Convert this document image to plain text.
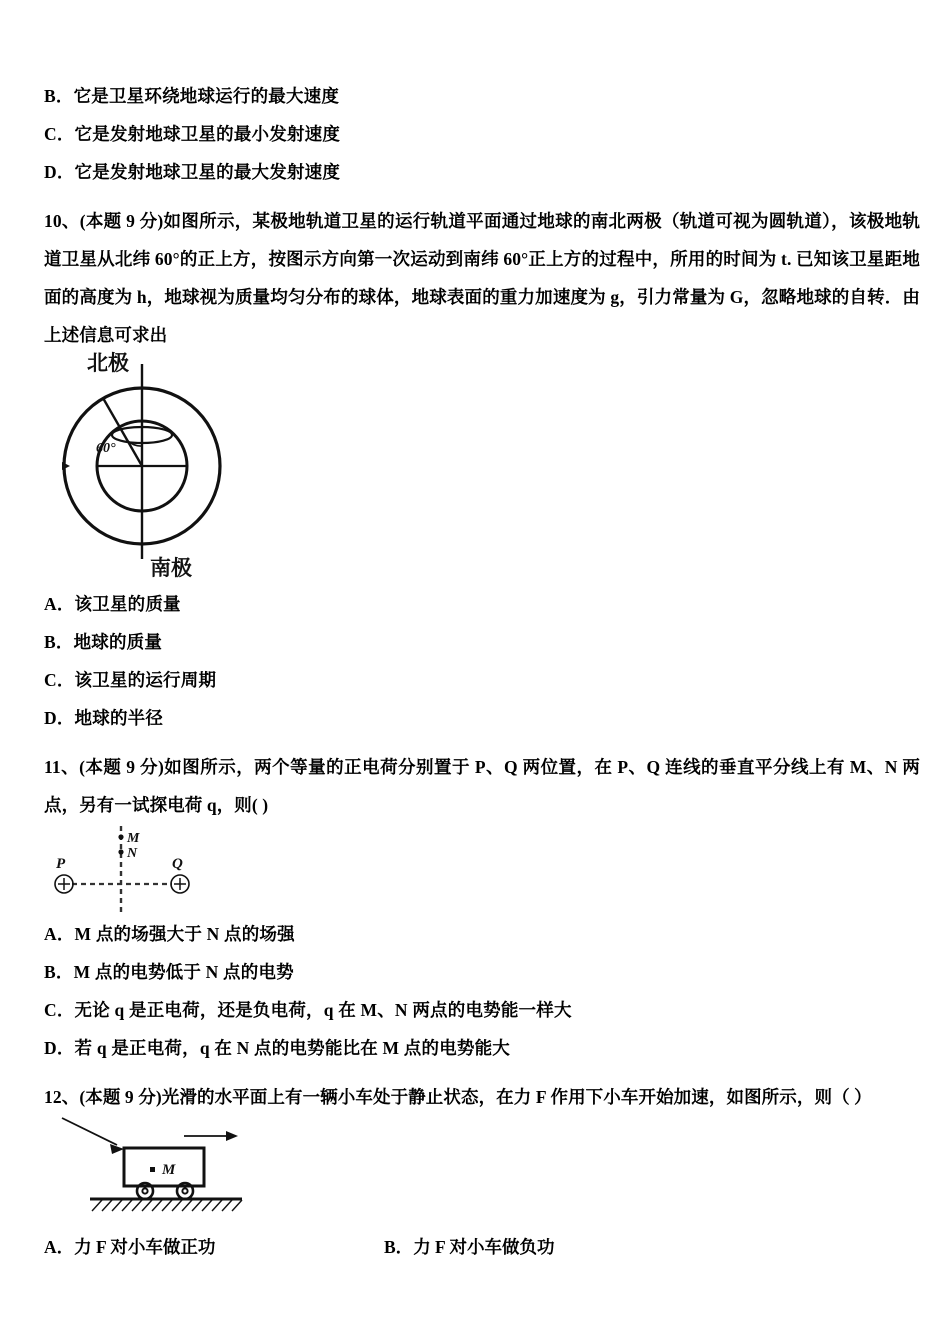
B． 它是卫星环绕地球运行的最大速度
C． 它是发射地球卫星的最小发射速度
D． 它是发射地球卫星的最大发射速度

10、(本题 9 分)如图所示，某极地轨道卫星的运行轨道平面通过地球的南北两极（轨道可视为圆轨道），该极地轨道卫星从北纬 60°的正上方，按图示方向第一次运动到南纬 60°正上方的过程中，所用的时间为 t. 已知该卫星距地面的高度为 h，地球视为质量均匀分布的球体，地球表面的重力加速度为 g，引力常量为 G，忽略地球的自转．由上述信息可求出

北极
南极
60°
A． 该卫星的质量
B． 地球的质量
C． 该卫星的运行周期
D． 地球的半径

11、(本题 9 分)如图所示，两个等量的正电荷分别置于 P、Q 两位置，在 P、Q 连线的垂直平分线上有 M、N 两点，另有一试探电荷 q，则( )

P	Q
M
N
A． M 点的场强大于 N 点的场强
B． M 点的电势低于 N 点的电势
C． 无论 q 是正电荷，还是负电荷，q 在 M、N 两点的电势能一样大
D． 若 q 是正电荷，q 在 N 点的电势能比在 M 点的电势能大

12、(本题 9 分)光滑的水平面上有一辆小车处于静止状态，在力 F 作用下小车开始加速，如图所示，则（ ）

M
A．力 F 对小车做正功	B．力 F 对小车做负功
